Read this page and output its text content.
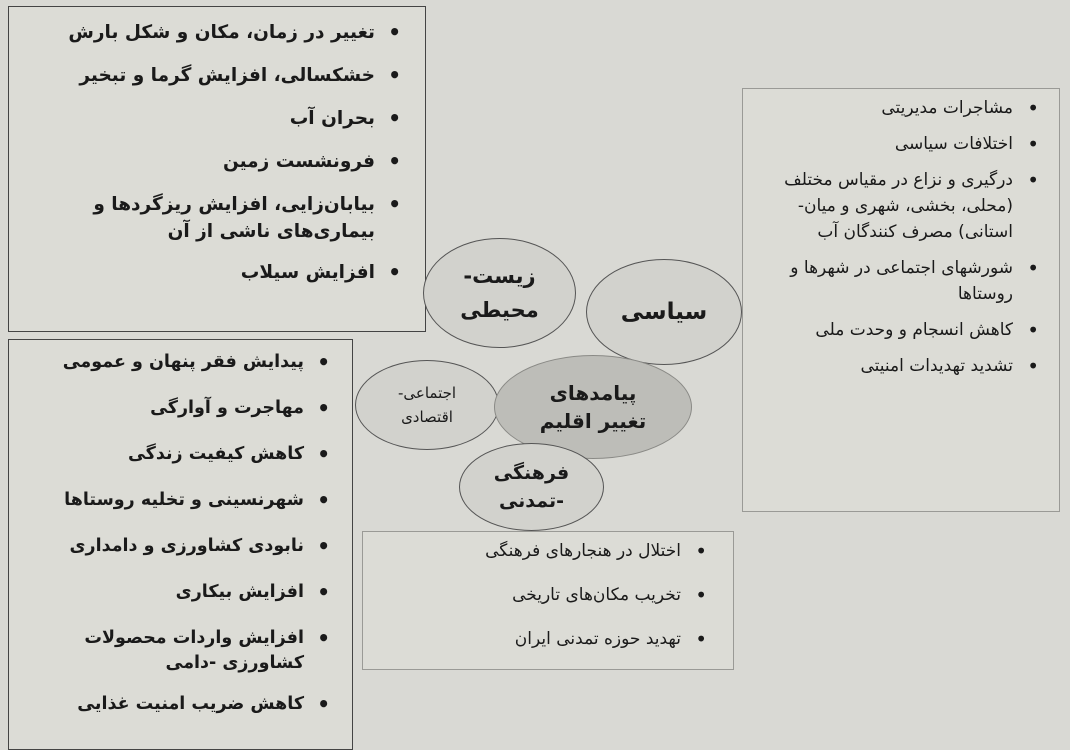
• تغییر در زمان، مکان و شکل بارش
• خشکسالی، افزایش گرما و تبخیر
• بحران آب
• فرونشست زمین
• بیابان‌زایی، افزایش ریزگردها و بیماری‌های ناشی از آن
• افزایش سیلاب
• مشاجرات مدیریتی
• اختلافات سیاسی
• درگیری و نزاع در مقیاس مختلف (محلی، بخشی، شهری و میان-استانی) مصرف کنندگان آب
• شورشهای اجتماعی در شهرها و روستاها
• کاهش انسجام و وحدت ملی
• تشدید تهدیدات امنیتی
• پیدایش فقر پنهان و عمومی
• مهاجرت و آوارگی
• کاهش کیفیت زندگی
• شهرنسینی و تخلیه روستاها
• نابودی کشاورزی و دامداری
• افزایش بیکاری
• افزایش واردات محصولات کشاورزی -دامی
• کاهش ضریب امنیت غذایی
• اختلال در هنجارهای فرهنگی
• تخریب مکان‌های تاریخی
• تهدید حوزه تمدنی ایران
زیست-
محیطی	سیاسی
اجتماعی-
اقتصادی
پیامدهای
تغییر اقلیم
فرهنگی
-تمدنی
